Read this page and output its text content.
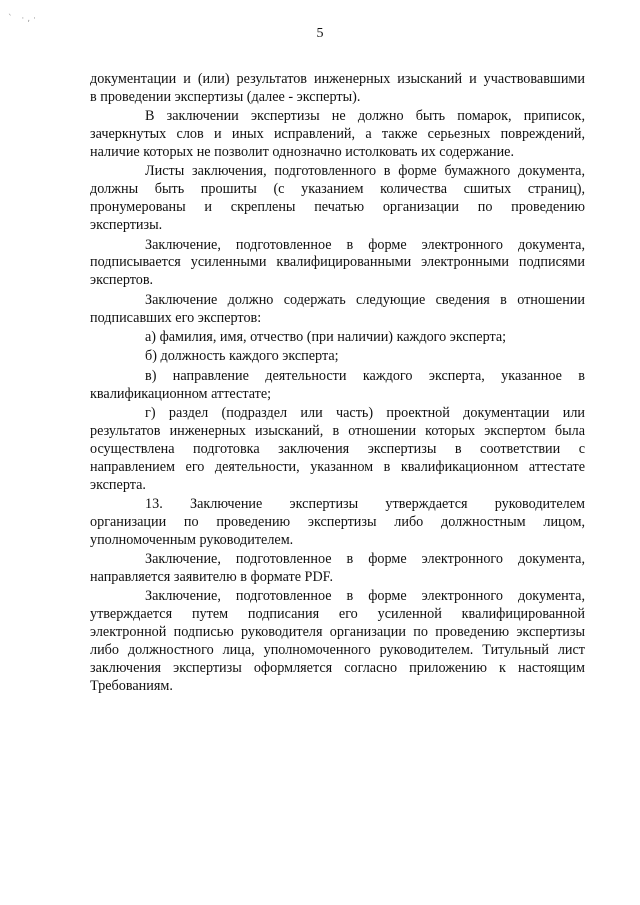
` ·,·
5
документации и (или) результатов инженерных изысканий и участвовавшими
в проведении экспертизы (далее - эксперты).
В заключении экспертизы не должно быть помарок, приписок,
зачеркнутых слов и иных исправлений, а также серьезных повреждений,
наличие которых не позволит однозначно истолковать их содержание.
Листы заключения, подготовленного в форме бумажного документа,
должны быть прошиты (с указанием количества сшитых страниц),
пронумерованы и скреплены печатью организации по проведению
экспертизы.
Заключение, подготовленное в форме электронного документа,
подписывается усиленными квалифицированными электронными подписями
экспертов.
Заключение должно содержать следующие сведения в отношении
подписавших его экспертов:
а) фамилия, имя, отчество (при наличии) каждого эксперта;
б) должность каждого эксперта;
в) направление деятельности каждого эксперта, указанное в
квалификационном аттестате;
г) раздел (подраздел или часть) проектной документации или
результатов инженерных изысканий, в отношении которых экспертом была
осуществлена подготовка заключения экспертизы в соответствии с
направлением его деятельности, указанном в квалификационном аттестате
эксперта.
13. Заключение экспертизы утверждается руководителем
организации по проведению экспертизы либо должностным лицом,
уполномоченным руководителем.
Заключение, подготовленное в форме электронного документа,
направляется заявителю в формате PDF.
Заключение, подготовленное в форме электронного документа,
утверждается путем подписания его усиленной квалифицированной
электронной подписью руководителя организации по проведению экспертизы
либо должностного лица, уполномоченного руководителем. Титульный лист
заключения экспертизы оформляется согласно приложению к настоящим
Требованиям.
